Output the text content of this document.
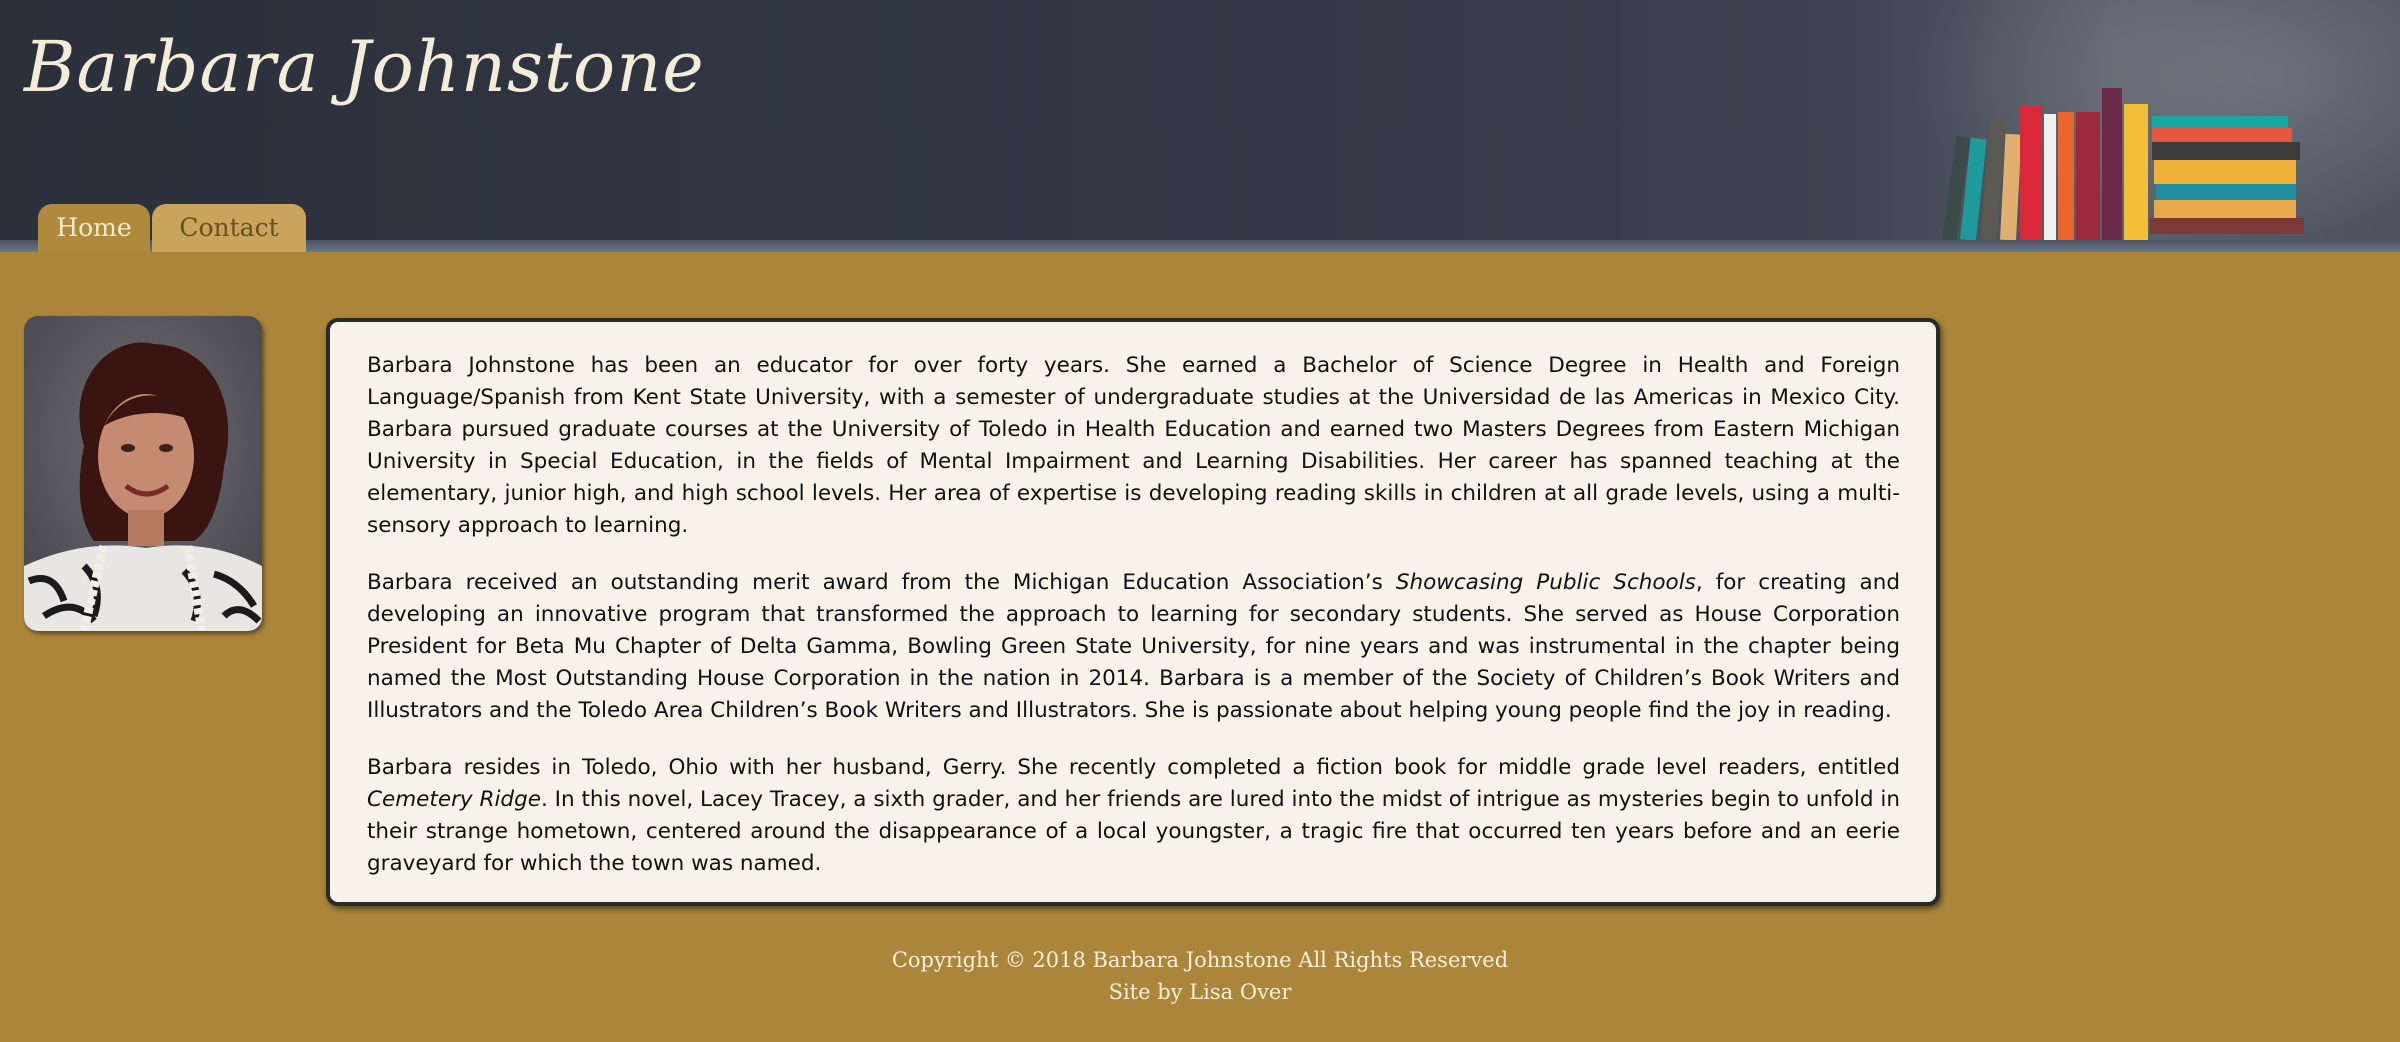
Barbara Johnstone
Home	Contact

Barbara Johnstone has been an educator for over forty years. She earned a Bachelor of Science Degree in Health and Foreign Language/Spanish from Kent State University, with a semester of undergraduate studies at the Universidad de las Americas in Mexico City. Barbara pursued graduate courses at the University of Toledo in Health Education and earned two Masters Degrees from Eastern Michigan University in Special Education, in the fields of Mental Impairment and Learning Disabilities. Her career has spanned teaching at the elementary, junior high, and high school levels. Her area of expertise is developing reading skills in children at all grade levels, using a multi-sensory approach to learning.

Barbara received an outstanding merit award from the Michigan Education Association’s Showcasing Public Schools, for creating and developing an innovative program that transformed the approach to learning for secondary students. She served as House Corporation President for Beta Mu Chapter of Delta Gamma, Bowling Green State University, for nine years and was instrumental in the chapter being named the Most Outstanding House Corporation in the nation in 2014. Barbara is a member of the Society of Children’s Book Writers and Illustrators and the Toledo Area Children’s Book Writers and Illustrators. She is passionate about helping young people find the joy in reading.

Barbara resides in Toledo, Ohio with her husband, Gerry. She recently completed a fiction book for middle grade level readers, entitled Cemetery Ridge. In this novel, Lacey Tracey, a sixth grader, and her friends are lured into the midst of intrigue as mysteries begin to unfold in their strange hometown, centered around the disappearance of a local youngster, a tragic fire that occurred ten years before and an eerie graveyard for which the town was named.

Copyright © 2018 Barbara Johnstone All Rights Reserved
Site by Lisa Over
